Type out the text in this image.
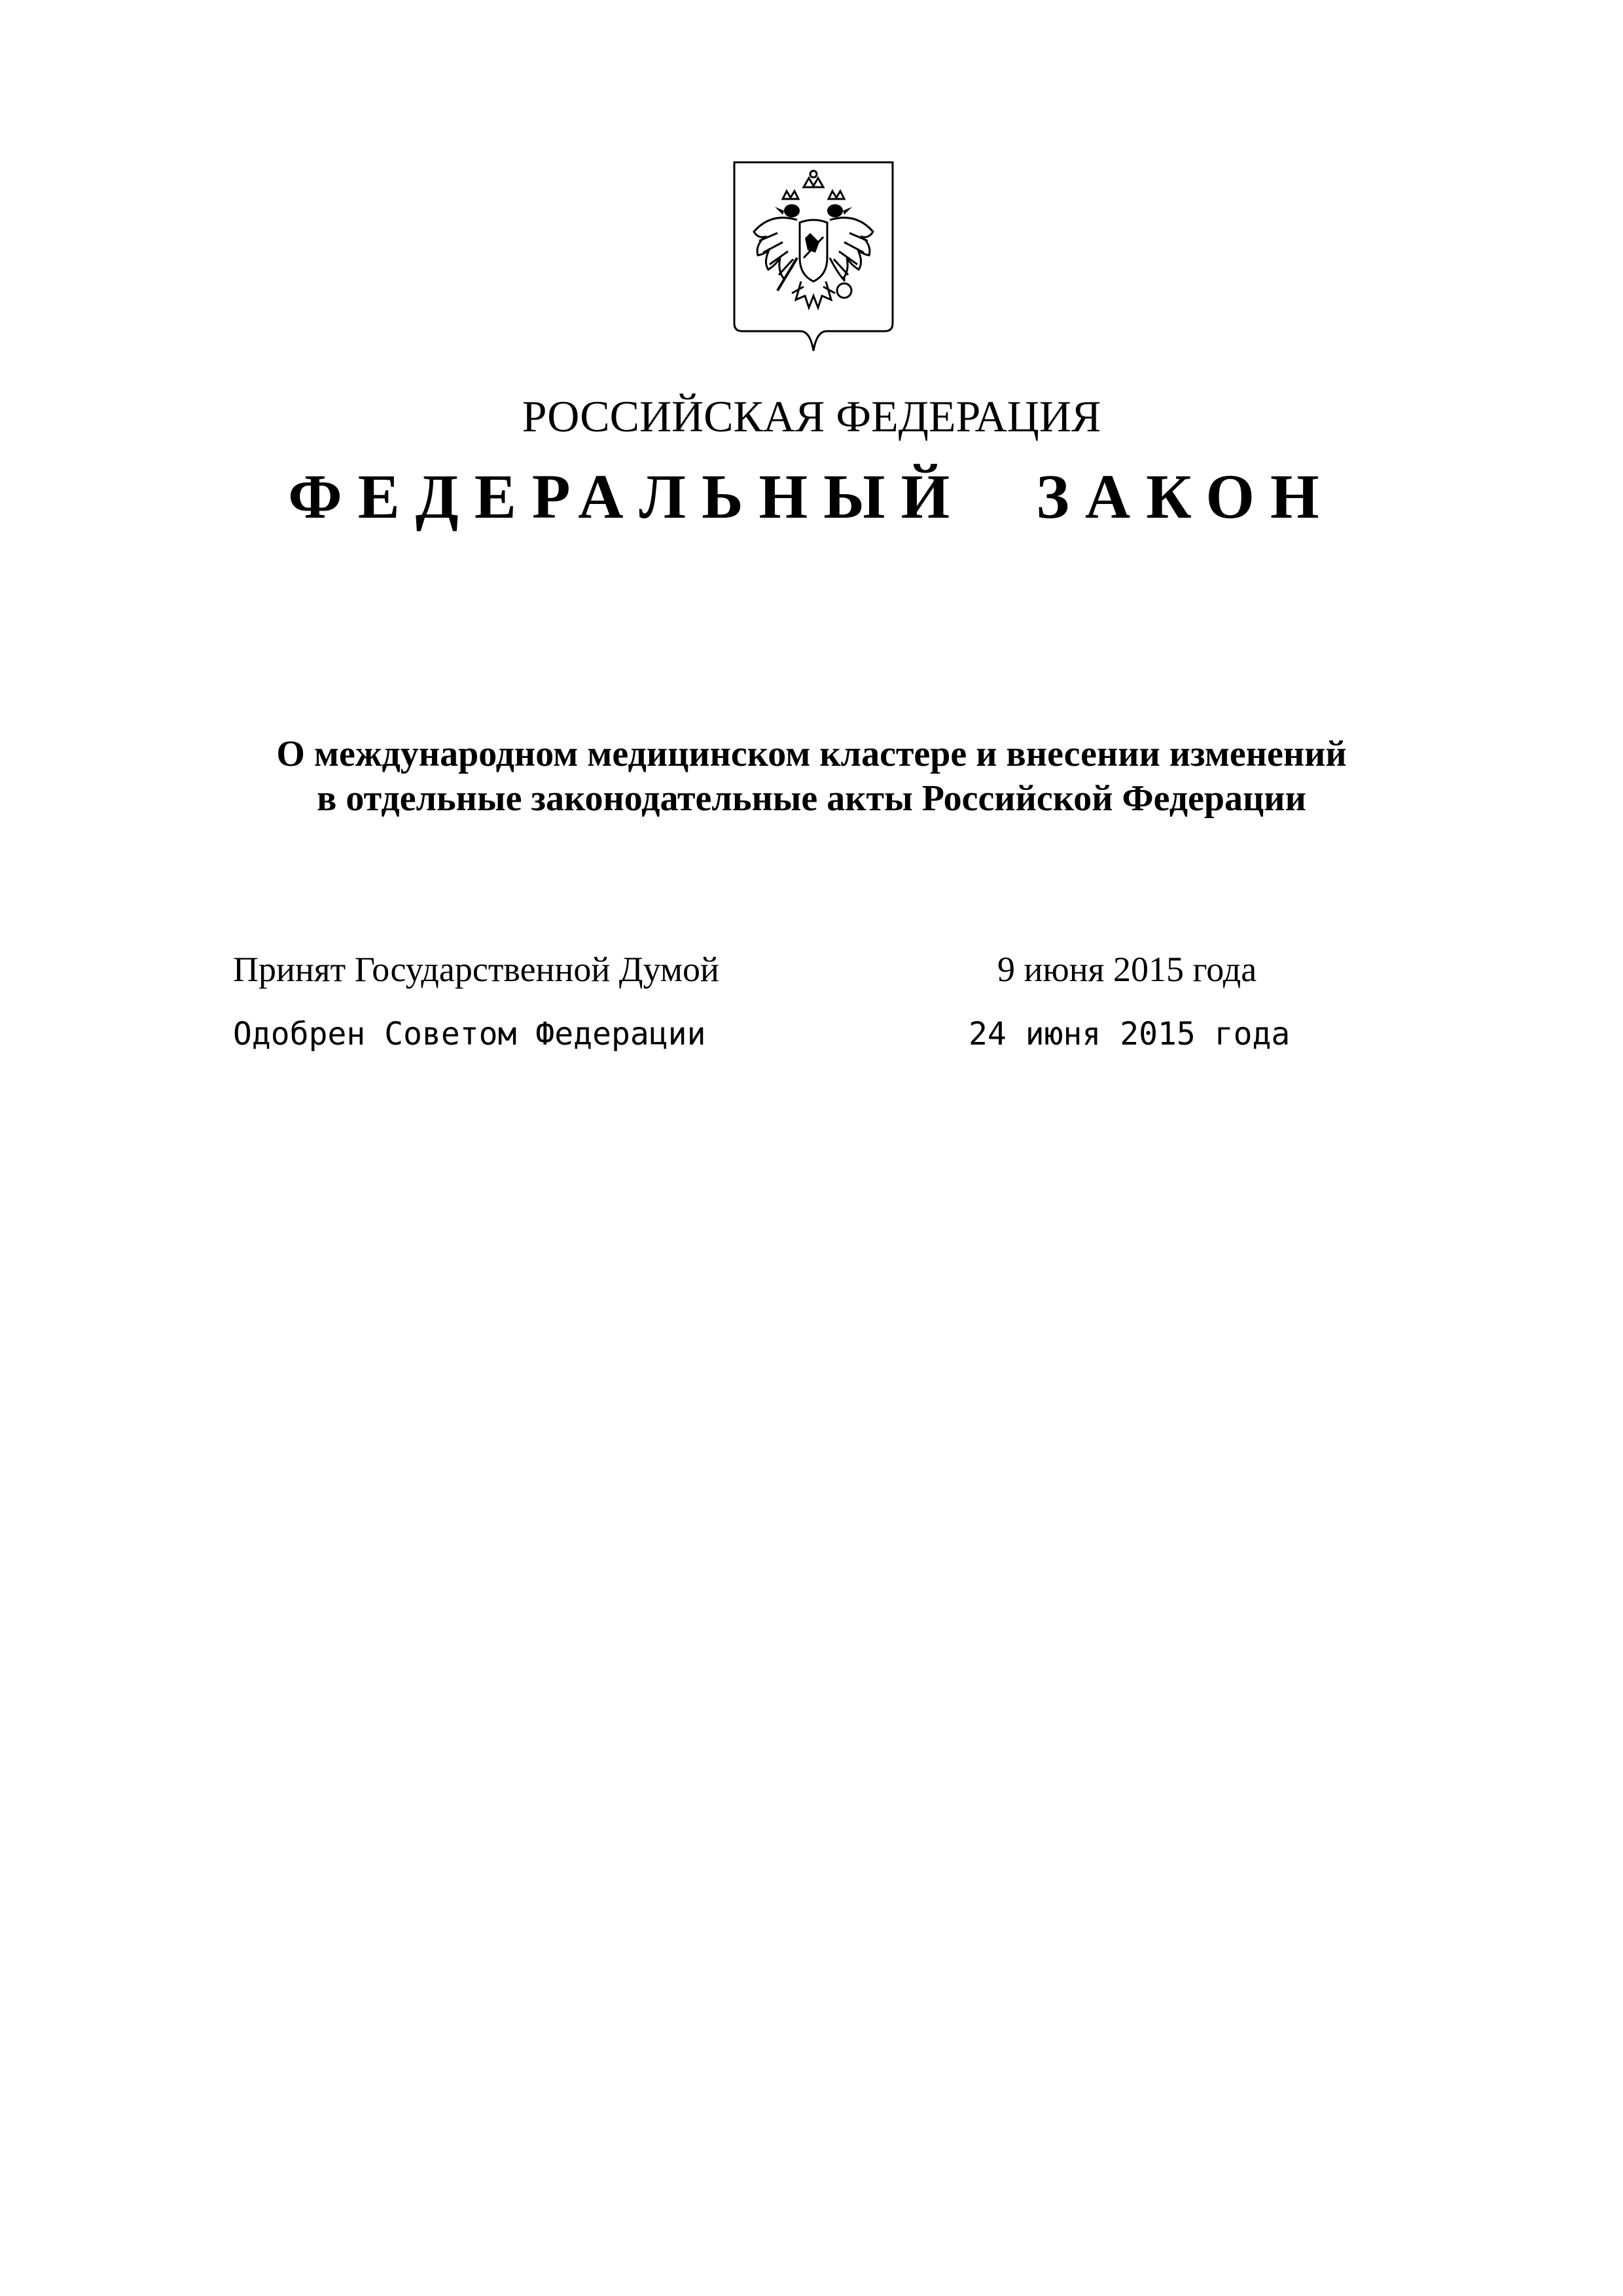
РОССИЙСКАЯ ФЕДЕРАЦИЯ
ФЕДЕРАЛЬНЫЙ ЗАКОН
О международном медицинском кластере и внесении изменений
в отдельные законодательные акты Российской Федерации
Принят Государственной Думой	9 июня 2015 года
Одобрен Советом Федерации	24 июня 2015 года
